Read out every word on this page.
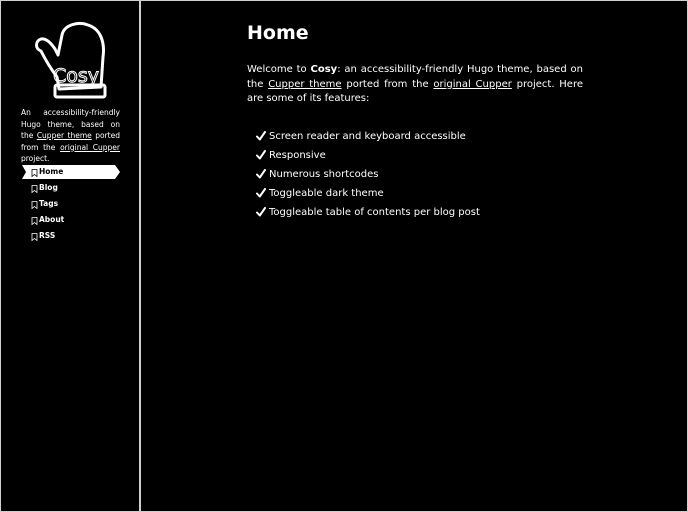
Cosy
An accessibility-friendly Hugo theme, based on the Cupper theme ported from the original Cupper project.
Home
Blog
Tags
About
RSS
Home

Welcome to Cosy: an accessibility-friendly Hugo theme, based on the Cupper theme ported from the original Cupper project. Here are some of its features:

Screen reader and keyboard accessible
Responsive
Numerous shortcodes
Toggleable dark theme
Toggleable table of contents per blog post
